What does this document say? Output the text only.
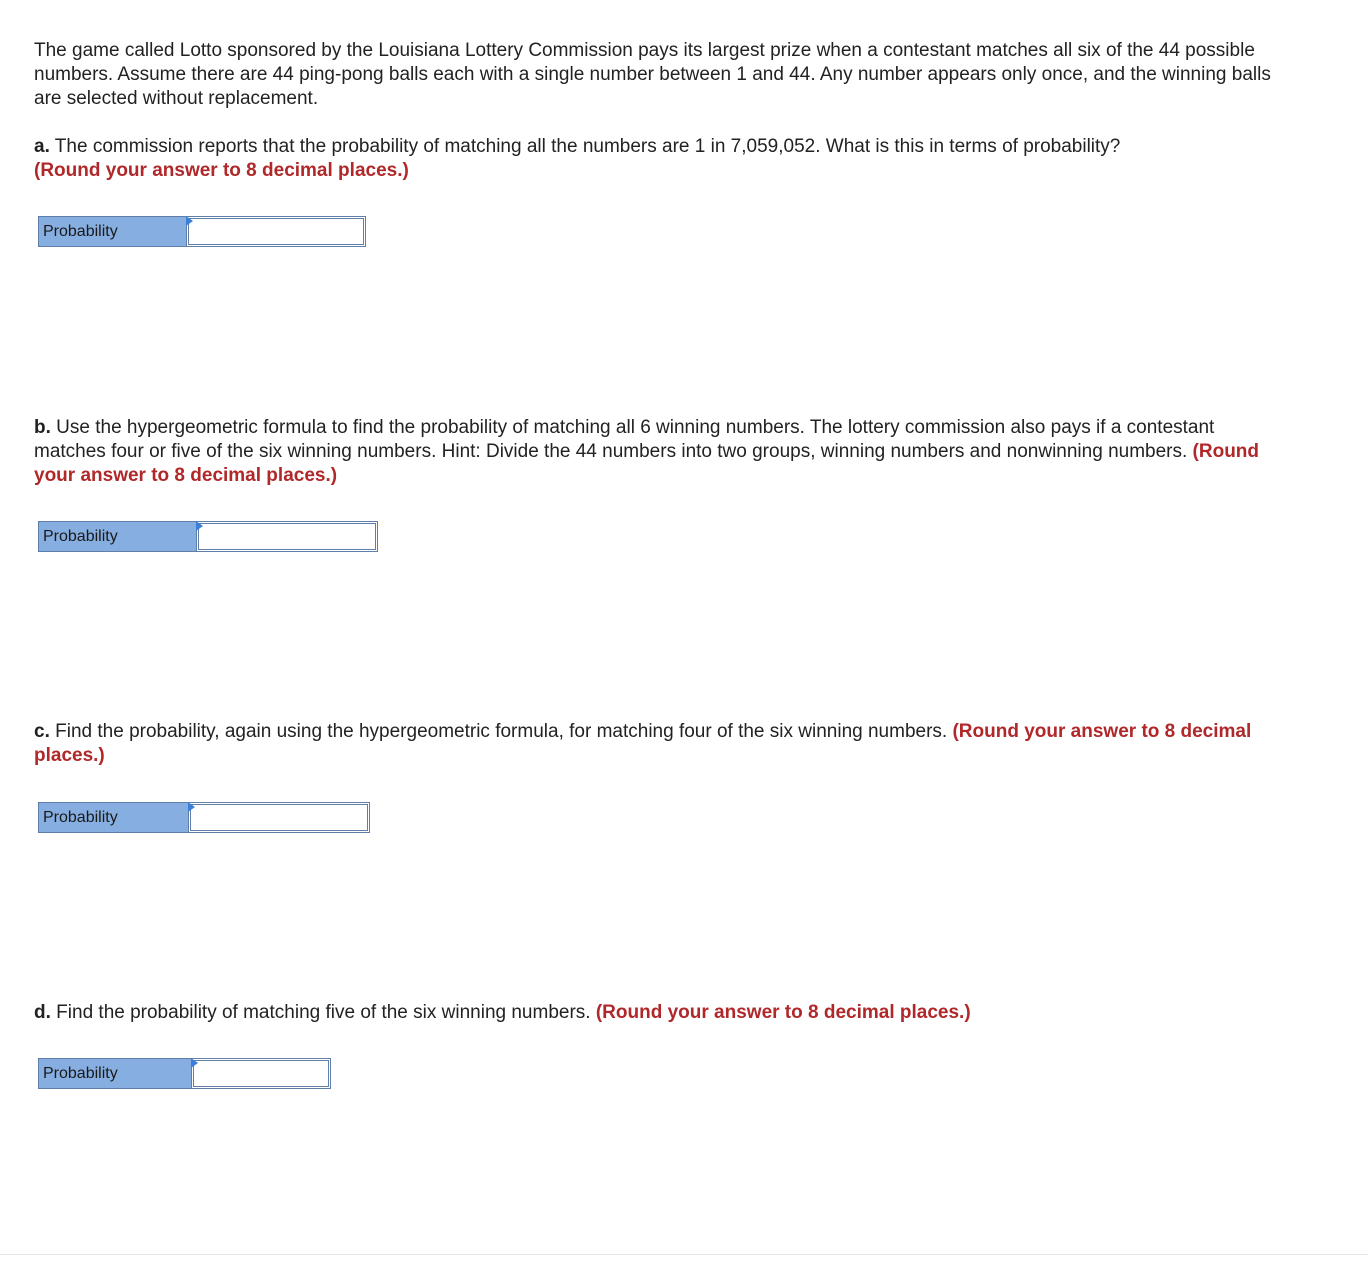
The game called Lotto sponsored by the Louisiana Lottery Commission pays its largest prize when a contestant matches all six of the 44 possible numbers. Assume there are 44 ping-pong balls each with a single number between 1 and 44. Any number appears only once, and the winning balls are selected without replacement.

a. The commission reports that the probability of matching all the numbers are 1 in 7,059,052. What is this in terms of probability?
(Round your answer to 8 decimal places.)

Probability

b. Use the hypergeometric formula to find the probability of matching all 6 winning numbers. The lottery commission also pays if a contestant matches four or five of the six winning numbers. Hint: Divide the 44 numbers into two groups, winning numbers and nonwinning numbers. (Round your answer to 8 decimal places.)

Probability

c. Find the probability, again using the hypergeometric formula, for matching four of the six winning numbers. (Round your answer to 8 decimal places.)

Probability

d. Find the probability of matching five of the six winning numbers. (Round your answer to 8 decimal places.)

Probability
